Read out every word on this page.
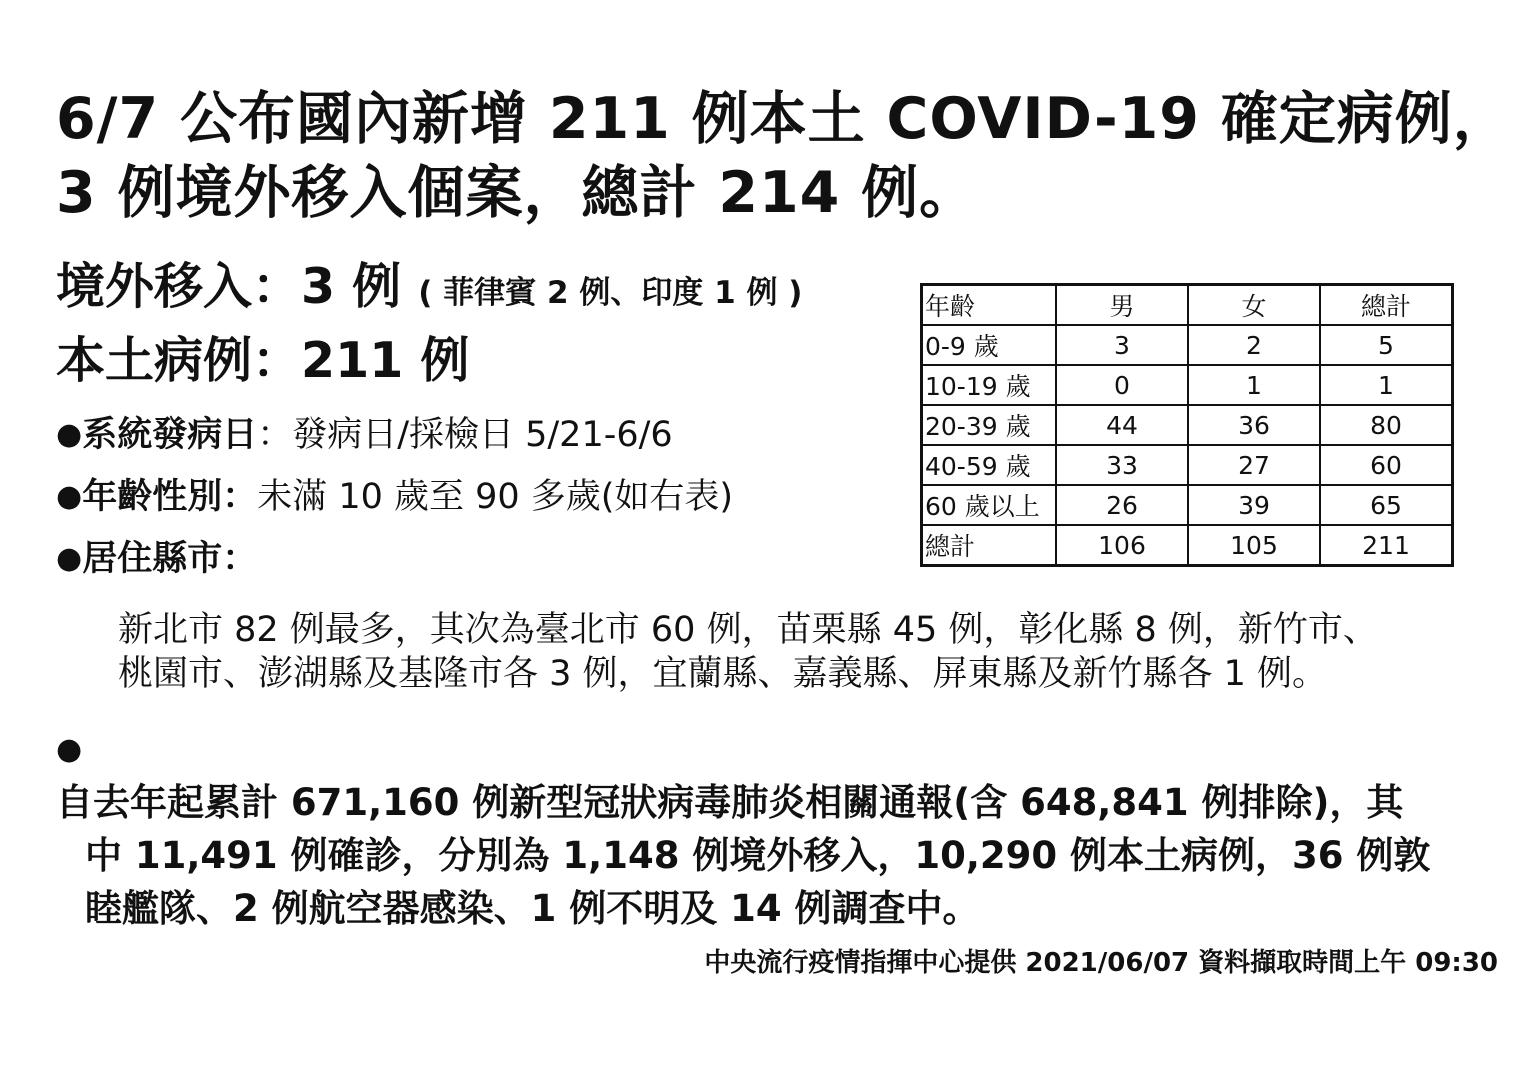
6/7 公布國內新增 211 例本土 COVID-19 確定病例，
3 例境外移入個案，總計 214 例。
境外移入：3 例 ( 菲律賓 2 例、印度 1 例 )
本土病例：211 例
●系統發病日：發病日/採檢日 5/21-6/6
●年齡性別：未滿 10 歲至 90 多歲(如右表)
●居住縣市：
新北市 82 例最多，其次為臺北市 60 例，苗栗縣 45 例，彰化縣 8 例，新竹市、
桃園市、澎湖縣及基隆市各 3 例，宜蘭縣、嘉義縣、屏東縣及新竹縣各 1 例。
●
自去年起累計 671,160 例新型冠狀病毒肺炎相關通報(含 648,841 例排除)，其
中 11,491 例確診，分別為 1,148 例境外移入，10,290 例本土病例，36 例敦
睦艦隊、2 例航空器感染、1 例不明及 14 例調查中。
年齡	男	女	總計
0-9 歲	3	2	5
10-19 歲	0	1	1
20-39 歲	44	36	80
40-59 歲	33	27	60
60 歲以上	26	39	65
總計	106	105	211
中央流行疫情指揮中心提供 2021/06/07 資料擷取時間上午 09:30
